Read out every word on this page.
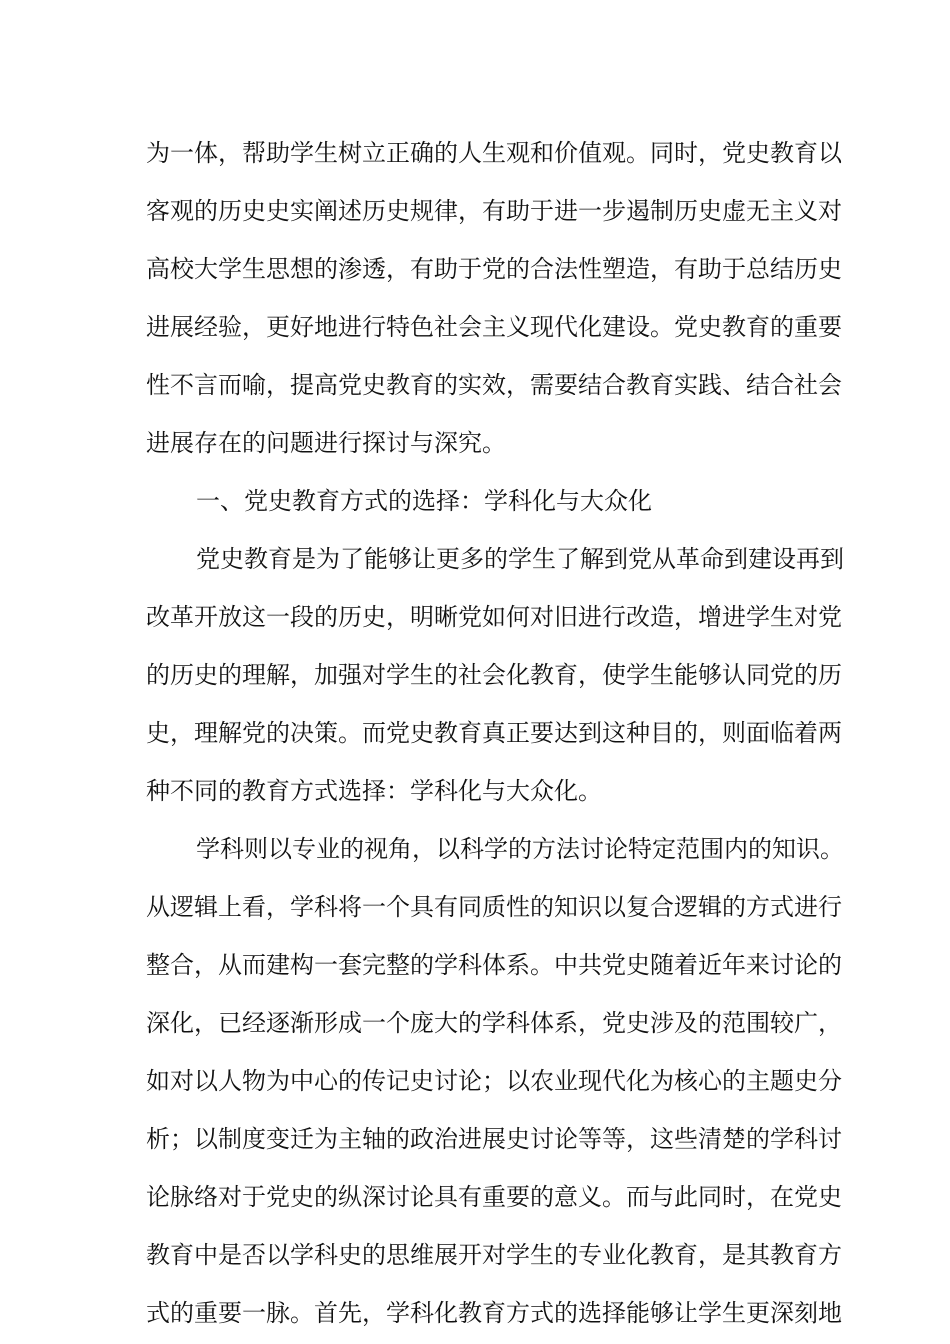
为一体，帮助学生树立正确的人生观和价值观。同时，党史教育以
客观的历史史实阐述历史规律，有助于进一步遏制历史虚无主义对
高校大学生思想的渗透，有助于党的合法性塑造，有助于总结历史
进展经验，更好地进行特色社会主义现代化建设。党史教育的重要
性不言而喻，提高党史教育的实效，需要结合教育实践、结合社会
进展存在的问题进行探讨与深究。
一、党史教育方式的选择：学科化与大众化
党史教育是为了能够让更多的学生了解到党从革命到建设再到
改革开放这一段的历史，明晰党如何对旧进行改造，增进学生对党
的历史的理解，加强对学生的社会化教育，使学生能够认同党的历
史，理解党的决策。而党史教育真正要达到这种目的，则面临着两
种不同的教育方式选择：学科化与大众化。
学科则以专业的视角，以科学的方法讨论特定范围内的知识。
从逻辑上看，学科将一个具有同质性的知识以复合逻辑的方式进行
整合，从而建构一套完整的学科体系。中共党史随着近年来讨论的
深化，已经逐渐形成一个庞大的学科体系，党史涉及的范围较广，
如对以人物为中心的传记史讨论；以农业现代化为核心的主题史分
析；以制度变迁为主轴的政治进展史讨论等等，这些清楚的学科讨
论脉络对于党史的纵深讨论具有重要的意义。而与此同时，在党史
教育中是否以学科史的思维展开对学生的专业化教育，是其教育方
式的重要一脉。首先，学科化教育方式的选择能够让学生更深刻地
